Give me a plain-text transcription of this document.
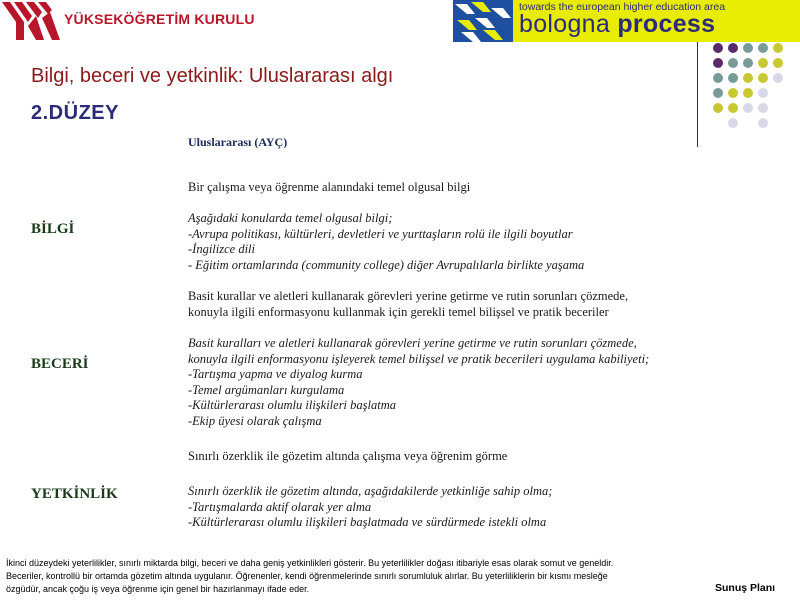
YÜKSEKÖĞRETİM KURULU
towards the european higher education area
bologna process
Bilgi, beceri ve yetkinlik: Uluslararası algı
2.DÜZEY
Uluslararası (AYÇ)
BİLGİ
Bir çalışma veya öğrenme alanındaki temel olgusal bilgi
Aşağıdaki konularda temel olgusal bilgi;
-Avrupa politikası, kültürleri, devletleri ve yurttaşların rolü ile ilgili boyutlar
-İngilizce dili
- Eğitim ortamlarında (community college) diğer Avrupalılarla birlikte yaşama
BECERİ
Basit kurallar ve aletleri kullanarak görevleri yerine getirme ve rutin sorunları çözmede,
konuyla ilgili enformasyonu kullanmak için gerekli temel bilişsel ve pratik beceriler
Basit kuralları ve aletleri kullanarak görevleri yerine getirme ve rutin sorunları çözmede,
konuyla ilgili enformasyonu işleyerek temel bilişsel ve pratik becerileri uygulama kabiliyeti;
-Tartışma yapma ve diyalog kurma
-Temel argümanları kurgulama
-Kültürlerarası olumlu ilişkileri başlatma
-Ekip üyesi olarak çalışma
YETKİNLİK
Sınırlı özerklik ile gözetim altında çalışma veya öğrenim görme
Sınırlı özerklik ile gözetim altında, aşağıdakilerde yetkinliğe sahip olma;
-Tartışmalarda aktif olarak yer alma
-Kültürlerarası olumlu ilişkileri başlatmada ve sürdürmede istekli olma
İkinci düzeydeki yeterlilikler, sınırlı miktarda bilgi, beceri ve daha geniş yetkinlikleri gösterir. Bu yeterlilikler doğası itibariyle esas olarak somut ve geneldir.
Beceriler, kontrollü bir ortamda gözetim altında uygulanır. Öğrenenler, kendi öğrenmelerinde sınırlı sorumluluk alırlar. Bu yeterliliklerin bir kısmı mesleğe
özgüdür, ancak çoğu iş veya öğrenme için genel bir hazırlanmayı ifade eder.	Sunuş Planı
